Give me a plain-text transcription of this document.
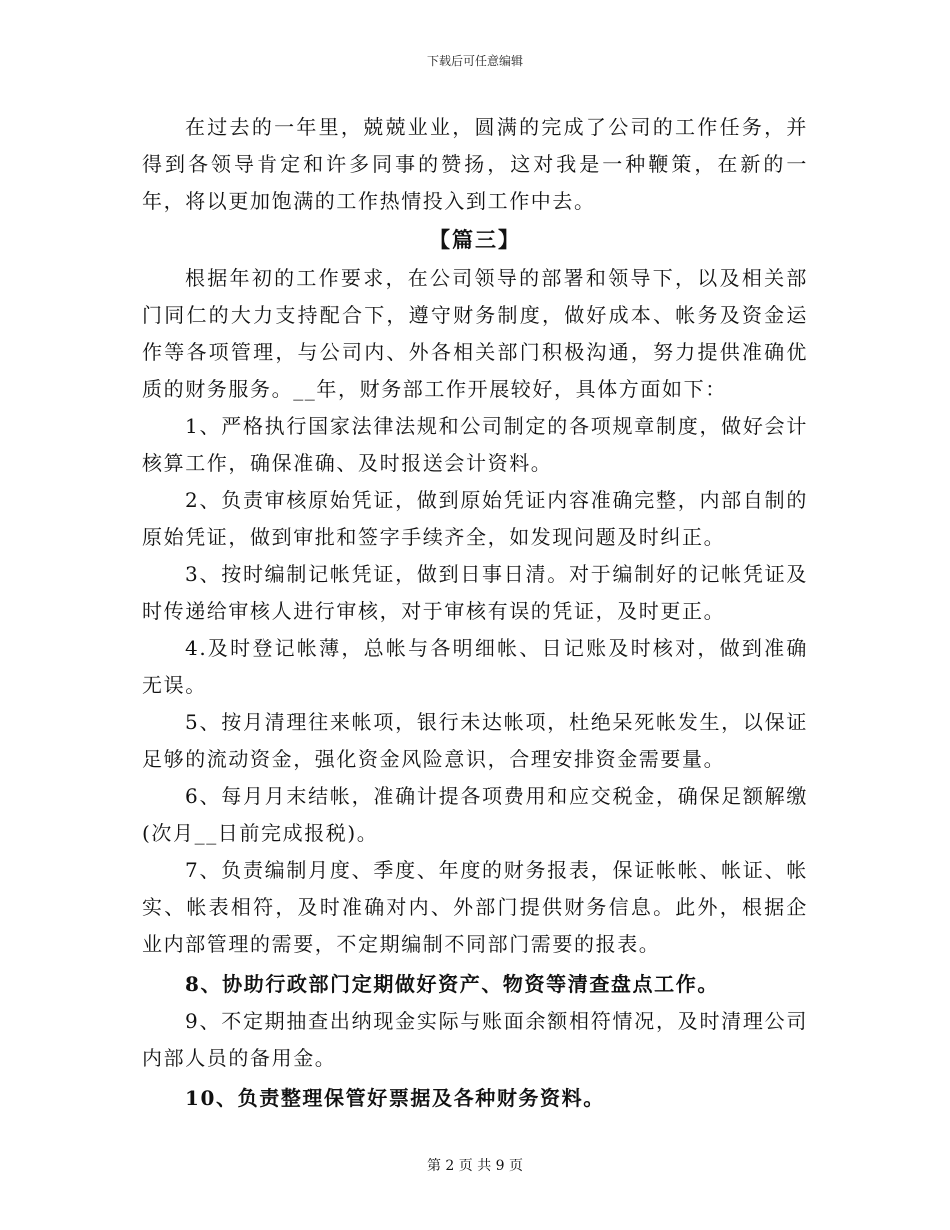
下载后可任意编辑

在过去的一年里，兢兢业业，圆满的完成了公司的工作任务，并得到各领导肯定和许多同事的赞扬，这对我是一种鞭策，在新的一年，将以更加饱满的工作热情投入到工作中去。

【篇三】

根据年初的工作要求，在公司领导的部署和领导下，以及相关部门同仁的大力支持配合下，遵守财务制度，做好成本、帐务及资金运作等各项管理，与公司内、外各相关部门积极沟通，努力提供准确优质的财务服务。__年，财务部工作开展较好，具体方面如下：

1、严格执行国家法律法规和公司制定的各项规章制度，做好会计核算工作，确保准确、及时报送会计资料。

2、负责审核原始凭证，做到原始凭证内容准确完整，内部自制的原始凭证，做到审批和签字手续齐全，如发现问题及时纠正。

3、按时编制记帐凭证，做到日事日清。对于编制好的记帐凭证及时传递给审核人进行审核，对于审核有误的凭证，及时更正。

4.及时登记帐薄，总帐与各明细帐、日记账及时核对，做到准确无误。

5、按月清理往来帐项，银行未达帐项，杜绝呆死帐发生，以保证足够的流动资金，强化资金风险意识，合理安排资金需要量。

6、每月月末结帐，准确计提各项费用和应交税金，确保足额解缴(次月__日前完成报税)。

7、负责编制月度、季度、年度的财务报表，保证帐帐、帐证、帐实、帐表相符，及时准确对内、外部门提供财务信息。此外，根据企业内部管理的需要，不定期编制不同部门需要的报表。

8、协助行政部门定期做好资产、物资等清查盘点工作。

9、不定期抽查出纳现金实际与账面余额相符情况，及时清理公司内部人员的备用金。

10、负责整理保管好票据及各种财务资料。

第 2 页 共 9 页
